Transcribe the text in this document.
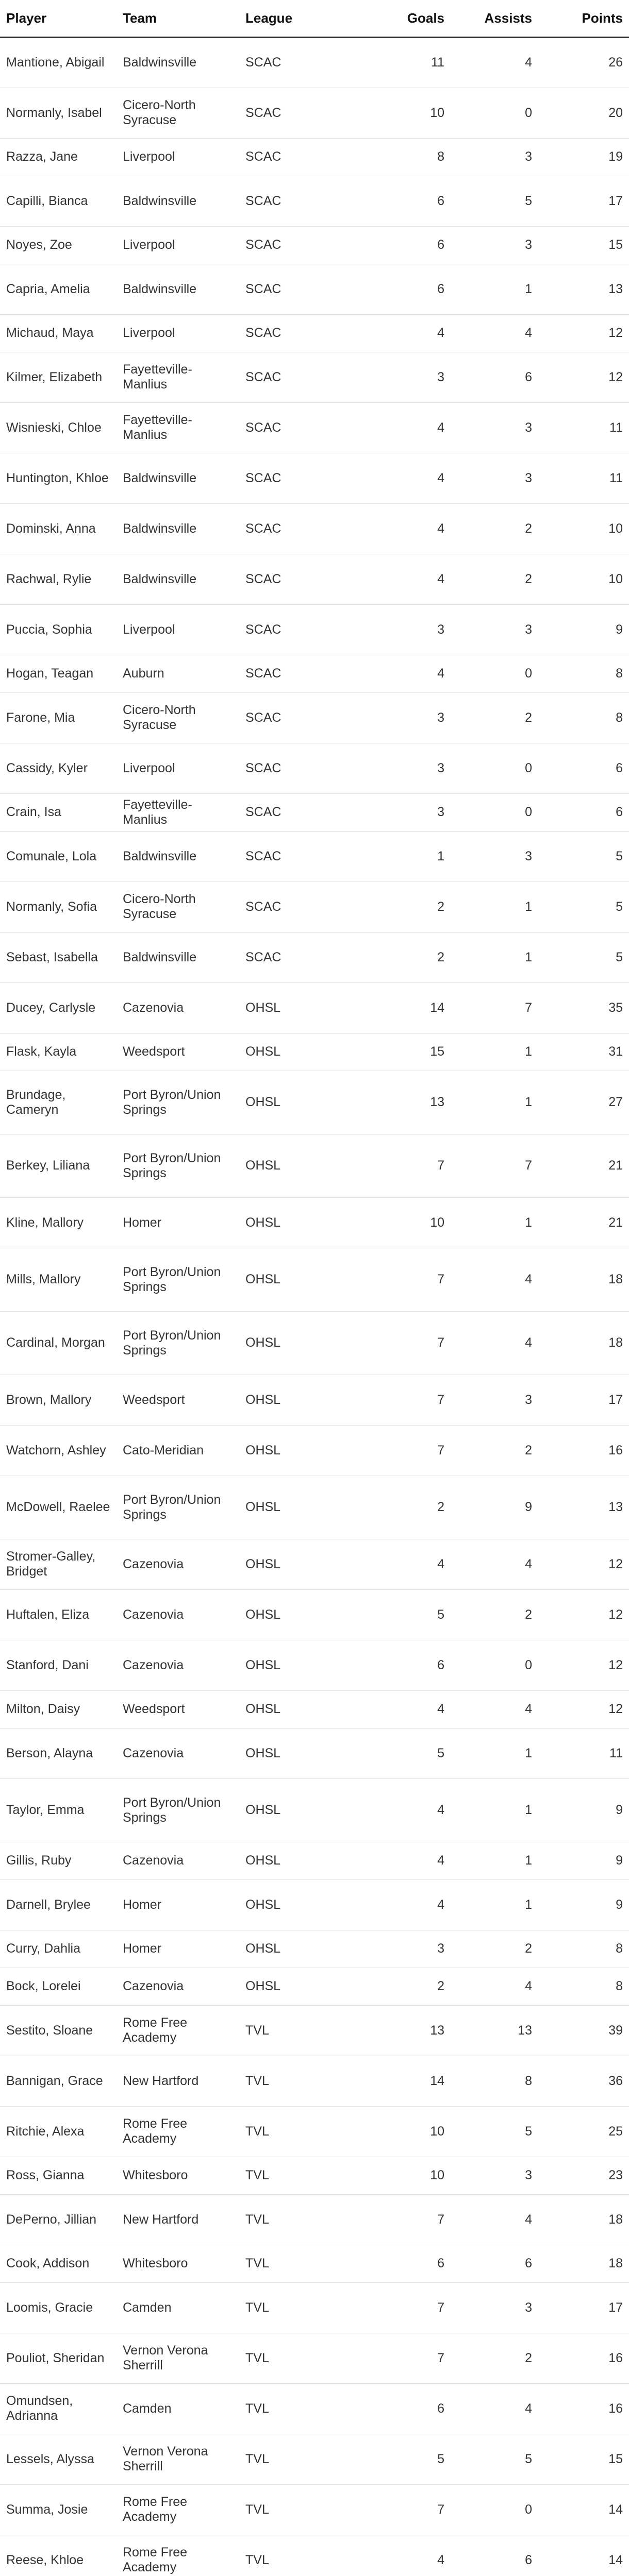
Player	Team	League	Goals	Assists	Points
Mantione, Abigail	Baldwinsville	SCAC	11	4	26
Normanly, Isabel	Cicero-North Syracuse	SCAC	10	0	20
Razza, Jane	Liverpool	SCAC	8	3	19
Capilli, Bianca	Baldwinsville	SCAC	6	5	17
Noyes, Zoe	Liverpool	SCAC	6	3	15
Capria, Amelia	Baldwinsville	SCAC	6	1	13
Michaud, Maya	Liverpool	SCAC	4	4	12
Kilmer, Elizabeth	Fayetteville-Manlius	SCAC	3	6	12
Wisnieski, Chloe	Fayetteville-Manlius	SCAC	4	3	11
Huntington, Khloe	Baldwinsville	SCAC	4	3	11
Dominski, Anna	Baldwinsville	SCAC	4	2	10
Rachwal, Rylie	Baldwinsville	SCAC	4	2	10
Puccia, Sophia	Liverpool	SCAC	3	3	9
Hogan, Teagan	Auburn	SCAC	4	0	8
Farone, Mia	Cicero-North Syracuse	SCAC	3	2	8
Cassidy, Kyler	Liverpool	SCAC	3	0	6
Crain, Isa	Fayetteville-Manlius	SCAC	3	0	6
Comunale, Lola	Baldwinsville	SCAC	1	3	5
Normanly, Sofia	Cicero-North Syracuse	SCAC	2	1	5
Sebast, Isabella	Baldwinsville	SCAC	2	1	5
Ducey, Carlysle	Cazenovia	OHSL	14	7	35
Flask, Kayla	Weedsport	OHSL	15	1	31
Brundage, Cameryn	Port Byron/Union Springs	OHSL	13	1	27
Berkey, Liliana	Port Byron/Union Springs	OHSL	7	7	21
Kline, Mallory	Homer	OHSL	10	1	21
Mills, Mallory	Port Byron/Union Springs	OHSL	7	4	18
Cardinal, Morgan	Port Byron/Union Springs	OHSL	7	4	18
Brown, Mallory	Weedsport	OHSL	7	3	17
Watchorn, Ashley	Cato-Meridian	OHSL	7	2	16
McDowell, Raelee	Port Byron/Union Springs	OHSL	2	9	13
Stromer-Galley, Bridget	Cazenovia	OHSL	4	4	12
Huftalen, Eliza	Cazenovia	OHSL	5	2	12
Stanford, Dani	Cazenovia	OHSL	6	0	12
Milton, Daisy	Weedsport	OHSL	4	4	12
Berson, Alayna	Cazenovia	OHSL	5	1	11
Taylor, Emma	Port Byron/Union Springs	OHSL	4	1	9
Gillis, Ruby	Cazenovia	OHSL	4	1	9
Darnell, Brylee	Homer	OHSL	4	1	9
Curry, Dahlia	Homer	OHSL	3	2	8
Bock, Lorelei	Cazenovia	OHSL	2	4	8
Sestito, Sloane	Rome Free Academy	TVL	13	13	39
Bannigan, Grace	New Hartford	TVL	14	8	36
Ritchie, Alexa	Rome Free Academy	TVL	10	5	25
Ross, Gianna	Whitesboro	TVL	10	3	23
DePerno, Jillian	New Hartford	TVL	7	4	18
Cook, Addison	Whitesboro	TVL	6	6	18
Loomis, Gracie	Camden	TVL	7	3	17
Pouliot, Sheridan	Vernon Verona Sherrill	TVL	7	2	16
Omundsen, Adrianna	Camden	TVL	6	4	16
Lessels, Alyssa	Vernon Verona Sherrill	TVL	5	5	15
Summa, Josie	Rome Free Academy	TVL	7	0	14
Reese, Khloe	Rome Free Academy	TVL	4	6	14
